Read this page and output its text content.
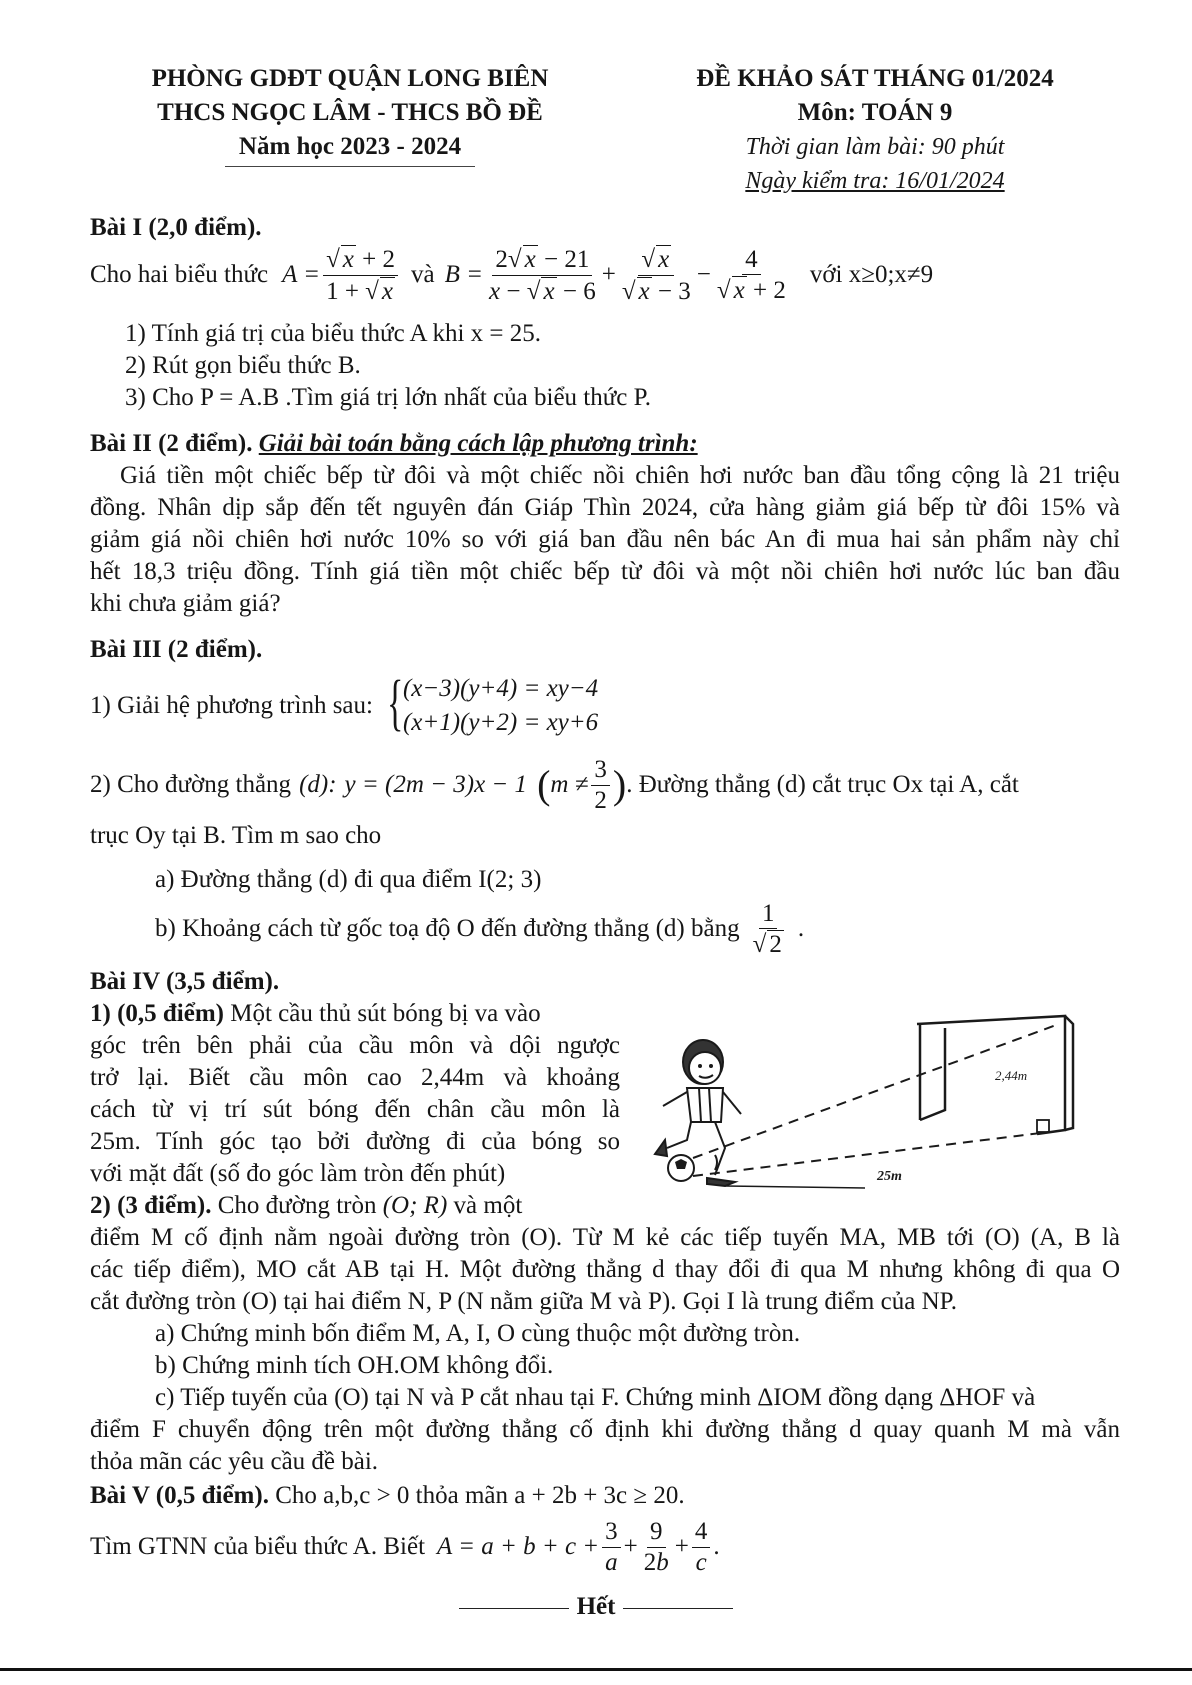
PHÒNG GDĐT QUẬN LONG BIÊN
THCS NGỌC LÂM - THCS BỒ ĐỀ
Năm học 2023 - 2024
ĐỀ KHẢO SÁT THÁNG 01/2024
Môn: TOÁN 9
Thời gian làm bài: 90 phút
Ngày kiểm tra: 16/01/2024
Bài I (2,0 điểm).
Cho hai biểu thức $A = \frac{√ x + 2}{1 + √ x}$ và $B = \frac{2√ x - 21}{x - √ x - 6} + \frac{√ x}{√ x - 3} - \frac{4}{√ x + 2}$ với x≥0;x≠9
1) Tính giá trị của biểu thức A khi x = 25.
2) Rút gọn biểu thức B.
3) Cho P = A.B .Tìm giá trị lớn nhất của biểu thức P.
Bài II (2 điểm). Giải bài toán bằng cách lập phương trình:
Giá tiền một chiếc bếp từ đôi và một chiếc nồi chiên hơi nước ban đầu tổng cộng là 21 triệu
đồng. Nhân dịp sắp đến tết nguyên đán Giáp Thìn 2024, cửa hàng giảm giá bếp từ đôi 15% và
giảm giá nồi chiên hơi nước 10% so với giá ban đầu nên bác An đi mua hai sản phẩm này chỉ
hết 18,3 triệu đồng. Tính giá tiền một chiếc bếp từ đôi và một nồi chiên hơi nước lúc ban đầu
khi chưa giảm giá?
Bài III (2 điểm).
1) Giải hệ phương trình sau: { (x−3)(y+4) = xy−4
(x+1)(y+2) = xy+6
2) Cho đường thẳng (d): y = (2m − 3)x − 1 ( $m \ne \frac{3}{2}$ ) . Đường thẳng (d) cắt trục Ox tại A, cắt
trục Oy tại B. Tìm m sao cho
a) Đường thẳng (d) đi qua điểm I(2; 3)
b) Khoảng cách từ gốc toạ độ O đến đường thẳng (d) bằng $\frac{1}{√ 2}$ .
Bài IV (3,5 điểm).
1) (0,5 điểm) Một cầu thủ sút bóng bị va vào
góc trên bên phải của cầu môn và dội ngược
trở lại. Biết cầu môn cao 2,44m và khoảng
cách từ vị trí sút bóng đến chân cầu môn là
25m. Tính góc tạo bởi đường đi của bóng so
với mặt đất (số đo góc làm tròn đến phút)
2,44m
25m
2) (3 điểm). Cho đường tròn (O; R) và một
điểm M cố định nằm ngoài đường tròn (O). Từ M kẻ các tiếp tuyến MA, MB tới (O) (A, B là
các tiếp điểm), MO cắt AB tại H. Một đường thẳng d thay đổi đi qua M nhưng không đi qua O
cắt đường tròn (O) tại hai điểm N, P (N nằm giữa M và P). Gọi I là trung điểm của NP.
a) Chứng minh bốn điểm M, A, I, O cùng thuộc một đường tròn.
b) Chứng minh tích OH.OM không đổi.
c) Tiếp tuyến của (O) tại N và P cắt nhau tại F. Chứng minh ΔIOM đồng dạng ΔHOF và
điểm F chuyển động trên một đường thẳng cố định khi đường thẳng d quay quanh M mà vẫn
thỏa mãn các yêu cầu đề bài.
Bài V (0,5 điểm). Cho a,b,c > 0 thỏa mãn a + 2b + 3c ≥ 20.
Tìm GTNN của biểu thức A. Biết $A = a + b + c + \frac{3}{a} + \frac{9}{2b} + \frac{4}{c}$ .
Hết
